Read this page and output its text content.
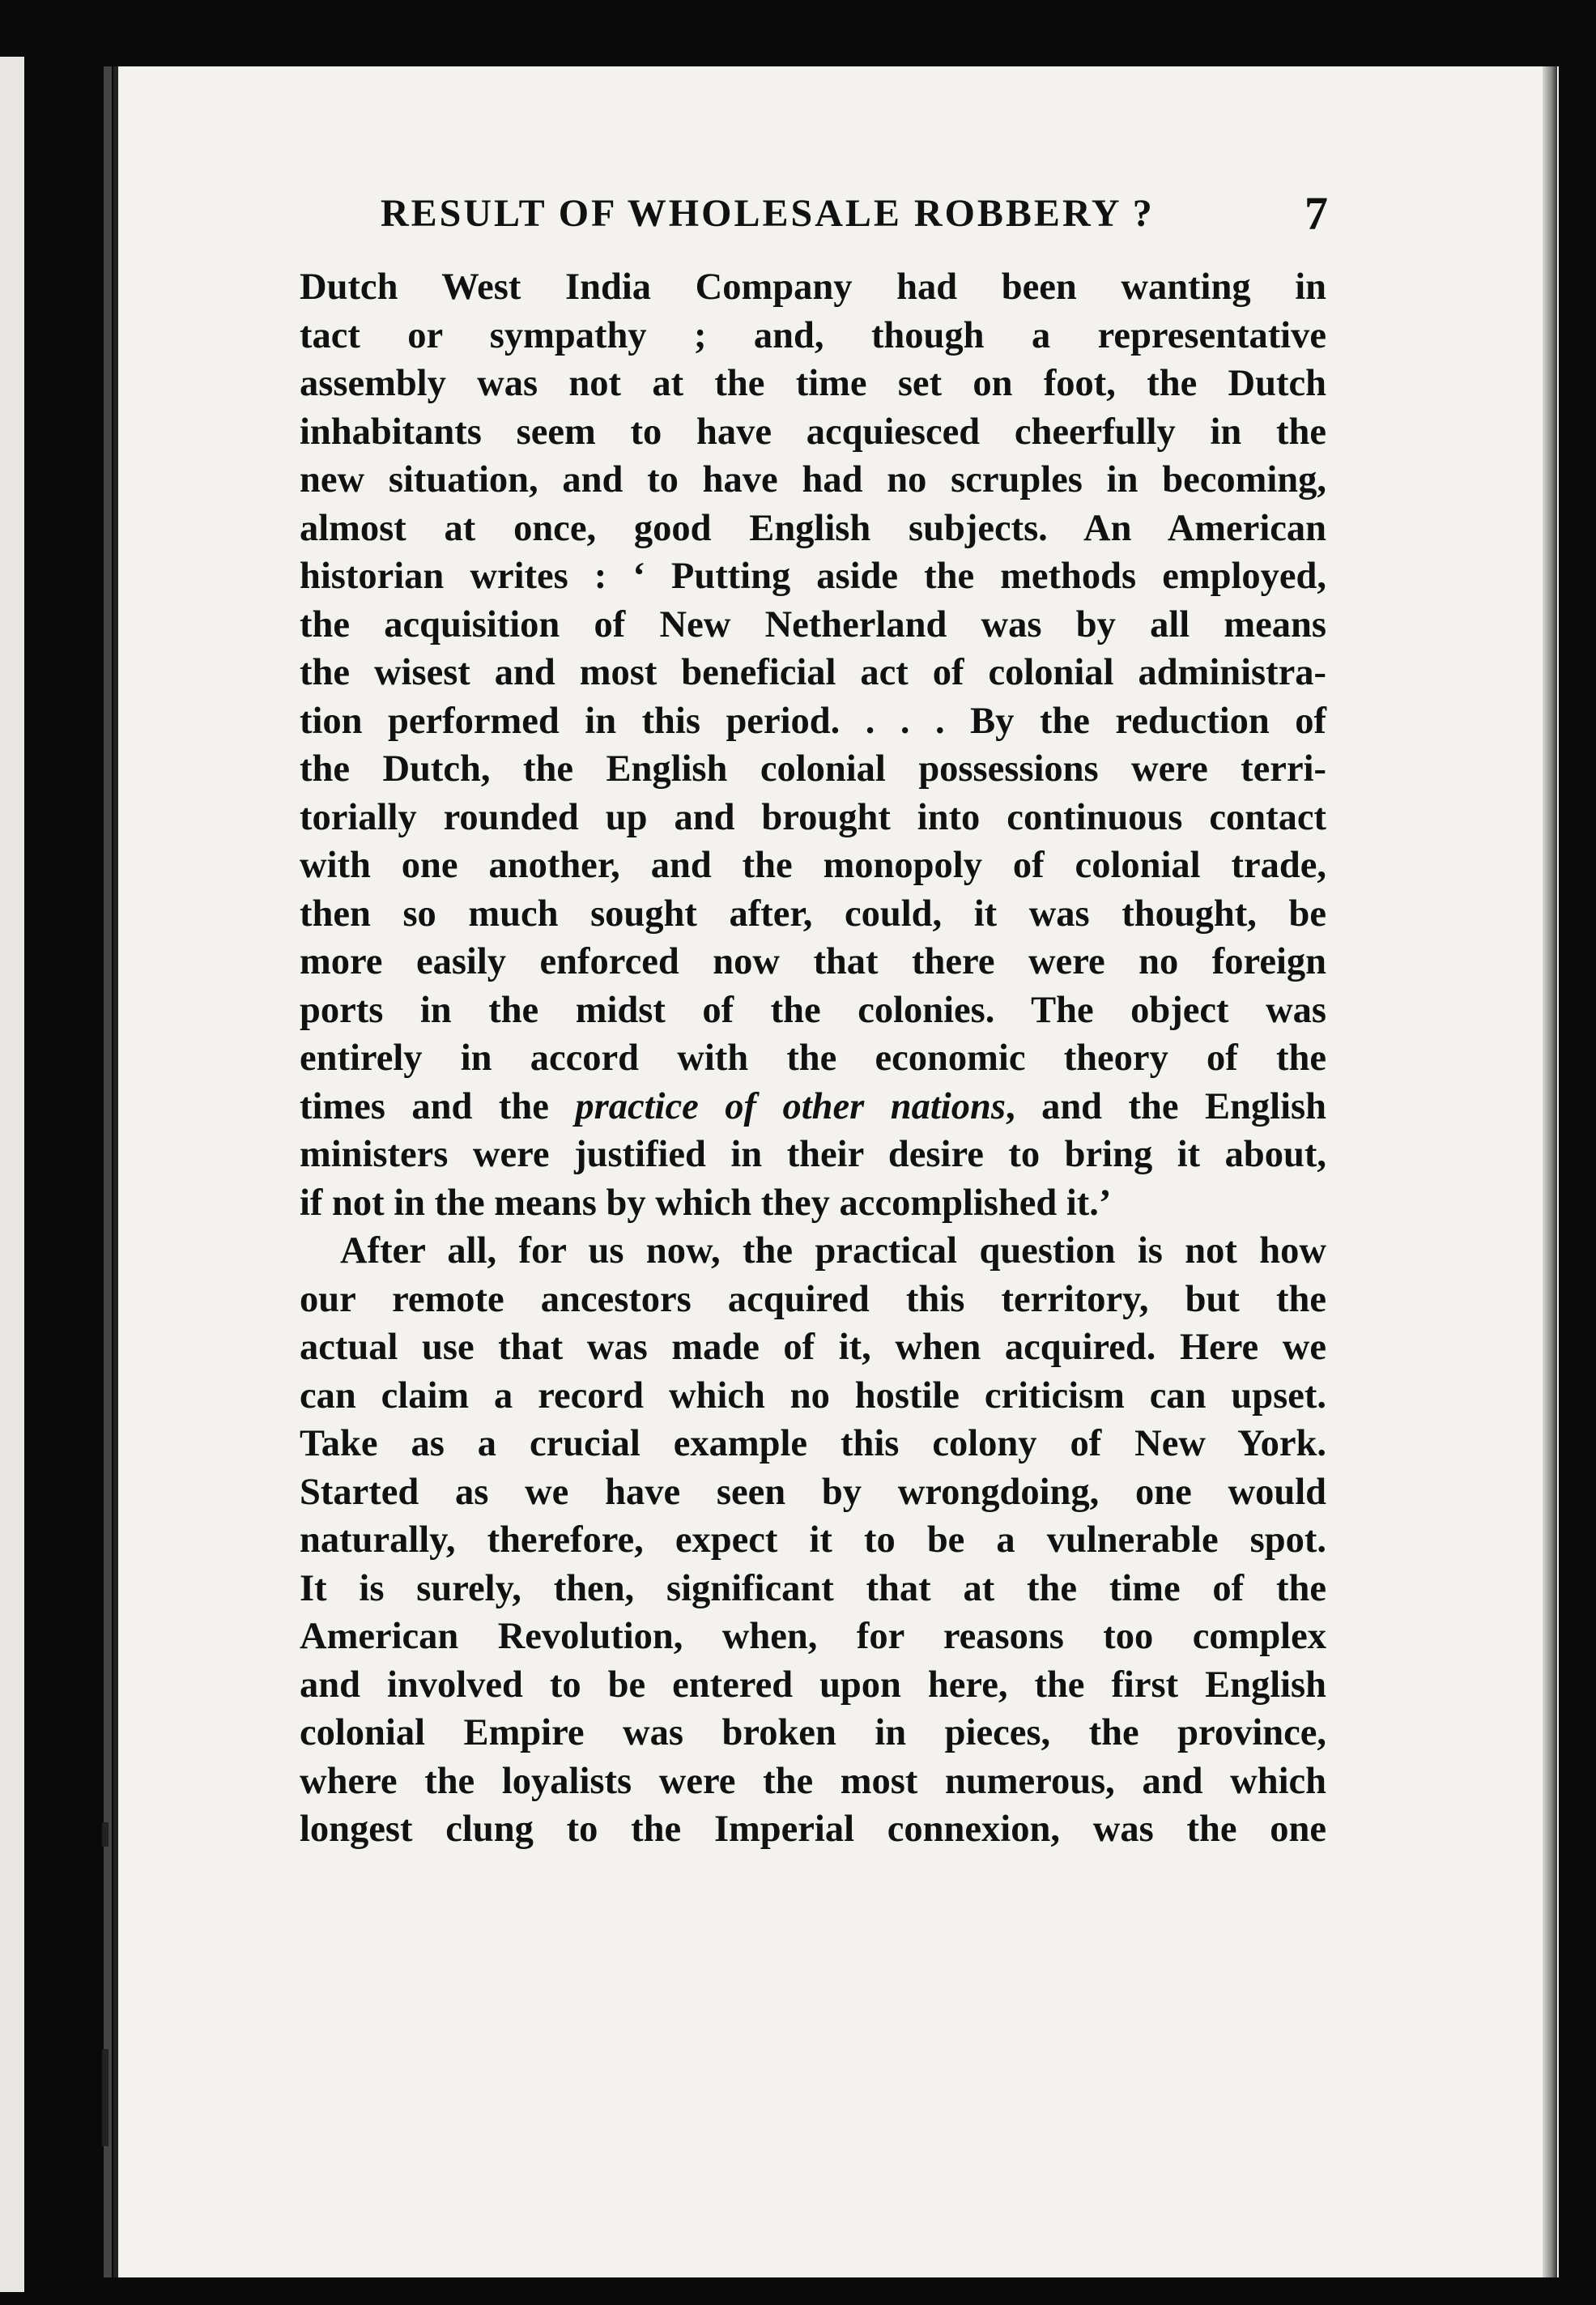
RESULT OF WHOLESALE ROBBERY ?	7
Dutch West India Company had been wanting in
tact or sympathy ; and, though a representative
assembly was not at the time set on foot, the Dutch
inhabitants seem to have acquiesced cheerfully in the
new situation, and to have had no scruples in becoming,
almost at once, good English subjects. An American
historian writes : ‘ Putting aside the methods employed,
the acquisition of New Netherland was by all means
the wisest and most beneficial act of colonial administra-
tion performed in this period. . . . By the reduction of
the Dutch, the English colonial possessions were terri-
torially rounded up and brought into continuous contact
with one another, and the monopoly of colonial trade,
then so much sought after, could, it was thought, be
more easily enforced now that there were no foreign
ports in the midst of the colonies. The object was
entirely in accord with the economic theory of the
times and the practice of other nations, and the English
ministers were justified in their desire to bring it about,
if not in the means by which they accomplished it.’
After all, for us now, the practical question is not how
our remote ancestors acquired this territory, but the
actual use that was made of it, when acquired. Here we
can claim a record which no hostile criticism can upset.
Take as a crucial example this colony of New York.
Started as we have seen by wrongdoing, one would
naturally, therefore, expect it to be a vulnerable spot.
It is surely, then, significant that at the time of the
American Revolution, when, for reasons too complex
and involved to be entered upon here, the first English
colonial Empire was broken in pieces, the province,
where the loyalists were the most numerous, and which
longest clung to the Imperial connexion, was the one
